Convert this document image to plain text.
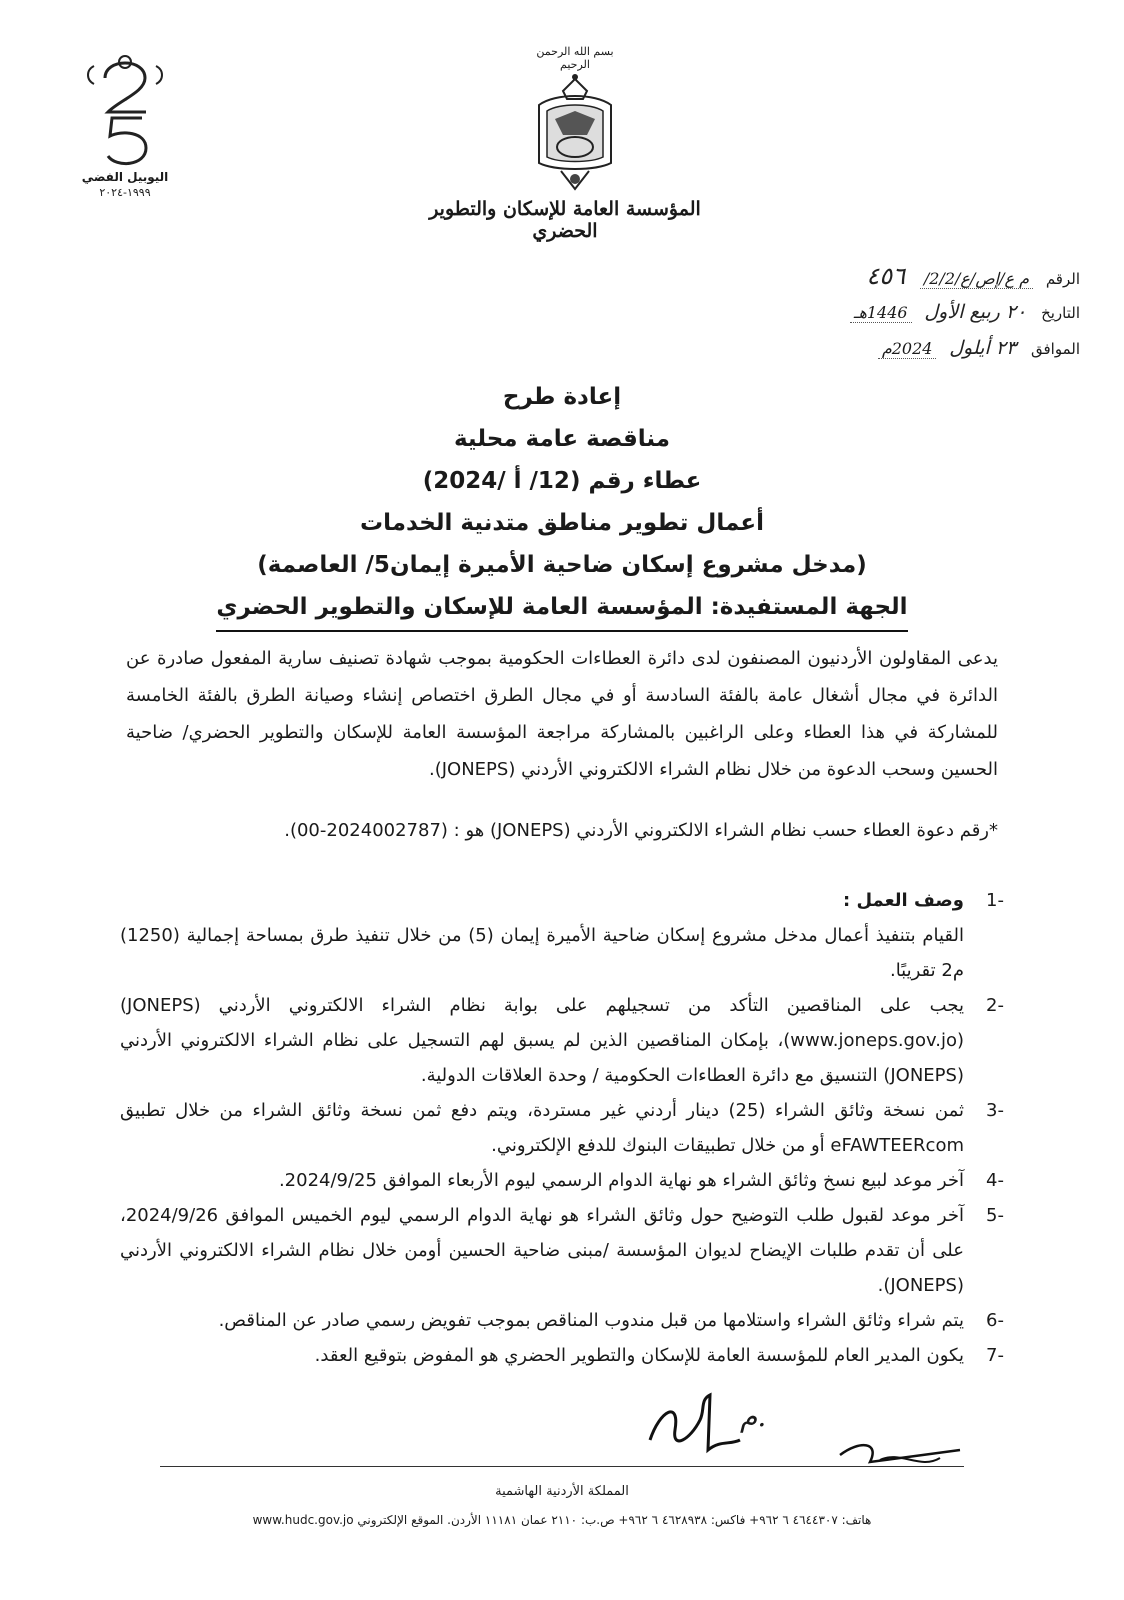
اليوبيل الفضي
١٩٩٩-٢٠٢٤
بسم الله الرحمن الرحيم
المؤسسة العامة للإسكان والتطوير الحضري
الرقم م ع/إص/ع/2/2/ ٤٥٦
التاريخ ٢٠ ربيع الأول 1446هـ
الموافق ٢٣ أيلول 2024م
إعادة طرح
مناقصة عامة محلية
عطاء رقم (12/ أ /2024)
أعمال تطوير مناطق متدنية الخدمات
(مدخل مشروع إسكان ضاحية الأميرة إيمان5/ العاصمة)
الجهة المستفيدة: المؤسسة العامة للإسكان والتطوير الحضري

يدعى المقاولون الأردنيون المصنفون لدى دائرة العطاءات الحكومية بموجب شهادة تصنيف سارية المفعول صادرة عن الدائرة في مجال أشغال عامة بالفئة السادسة أو في مجال الطرق اختصاص إنشاء وصيانة الطرق بالفئة الخامسة للمشاركة في هذا العطاء وعلى الراغبين بالمشاركة مراجعة المؤسسة العامة للإسكان والتطوير الحضري/ ضاحية الحسين وسحب الدعوة من خلال نظام الشراء الالكتروني الأردني (JONEPS).

*رقم دعوة العطاء حسب نظام الشراء الالكتروني الأردني (JONEPS) هو : (2024002787-00).
-1
وصف العمل :
القيام بتنفيذ أعمال مدخل مشروع إسكان ضاحية الأميرة إيمان (5) من خلال تنفيذ طرق بمساحة إجمالية (1250) م2 تقريبًا.
-2
يجب على المناقصين التأكد من تسجيلهم على بوابة نظام الشراء الالكتروني الأردني (JONEPS) (www.joneps.gov.jo)، بإمكان المناقصين الذين لم يسبق لهم التسجيل على نظام الشراء الالكتروني الأردني (JONEPS) التنسيق مع دائرة العطاءات الحكومية / وحدة العلاقات الدولية.
-3
ثمن نسخة وثائق الشراء (25) دينار أردني غير مستردة، ويتم دفع ثمن نسخة وثائق الشراء من خلال تطبيق eFAWTEERcom أو من خلال تطبيقات البنوك للدفع الإلكتروني.
-4
آخر موعد لبيع نسخ وثائق الشراء هو نهاية الدوام الرسمي ليوم الأربعاء الموافق 2024/9/25.
-5
آخر موعد لقبول طلب التوضيح حول وثائق الشراء هو نهاية الدوام الرسمي ليوم الخميس الموافق 2024/9/26، على أن تقدم طلبات الإيضاح لديوان المؤسسة /مبنى ضاحية الحسين أومن خلال نظام الشراء الالكتروني الأردني (JONEPS).
-6
يتم شراء وثائق الشراء واستلامها من قبل مندوب المناقص بموجب تفويض رسمي صادر عن المناقص.
-7
يكون المدير العام للمؤسسة العامة للإسكان والتطوير الحضري هو المفوض بتوقيع العقد.
م.
المملكة الأردنية الهاشمية
هاتف: ٤٦٤٤٣٠٧ ٦ ٩٦٢+ فاكس: ٤٦٢٨٩٣٨ ٦ ٩٦٢+ ص.ب: ٢١١٠ عمان ١١١٨١ الأردن. الموقع الإلكتروني www.hudc.gov.jo
